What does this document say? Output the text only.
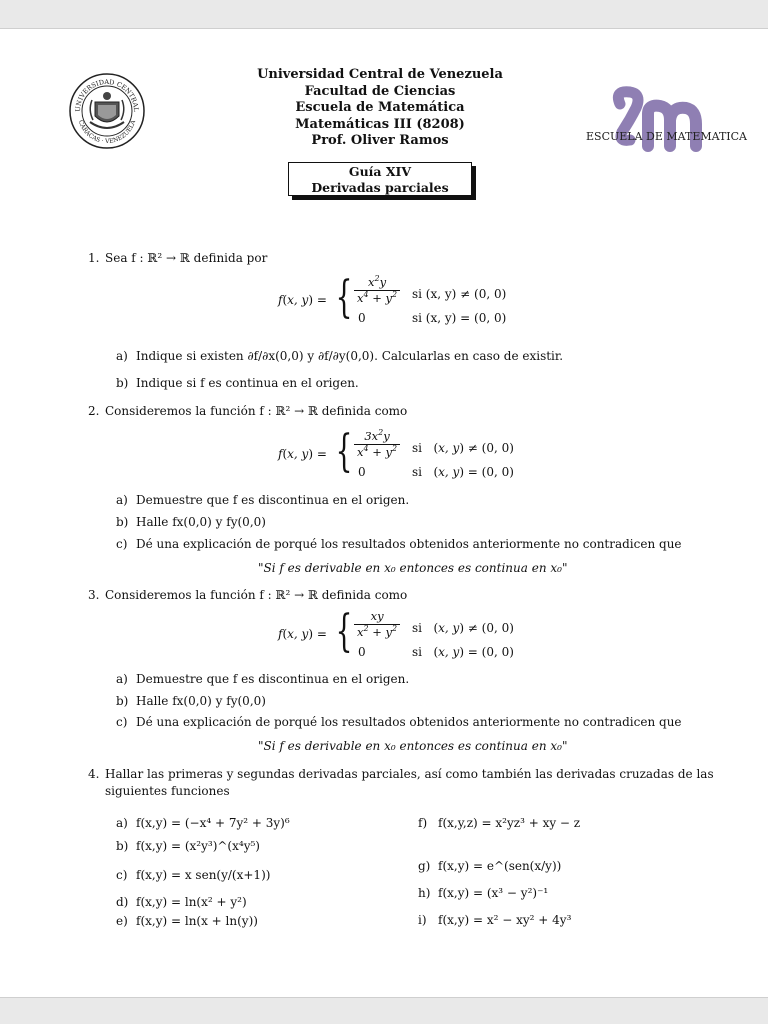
UNIVERSIDAD CENTRAL
CARACAS · VENEZUELA
Universidad Central de Venezuela
Facultad de Ciencias
Escuela de Matemática
Matemáticas III (8208)
Prof. Oliver Ramos	ESCUELA DE MATEMATICA
Guía XIV
Derivadas parciales
1. Sea f : ℝ² → ℝ definida por
f(x, y) = { $\frac{x^2y}{x^4 + y^2}$
0
si (x, y) ≠ (0, 0)
si (x, y) = (0, 0)
a) Indique si existen ∂f/∂x(0,0) y ∂f/∂y(0,0). Calcularlas en caso de existir.
b) Indique si f es continua en el origen.
2. Consideremos la función f : ℝ² → ℝ definida como
f(x, y) = { $\frac{3x^2y}{x^4 + y^2}$
0
si   (x, y) ≠ (0, 0)
si   (x, y) = (0, 0)
a) Demuestre que f es discontinua en el origen.
b) Halle fx(0,0) y fy(0,0)
c) Dé una explicación de porqué los resultados obtenidos anteriormente no contradicen que
"Si f es derivable en x₀ entonces es continua en x₀"
3. Consideremos la función f : ℝ² → ℝ definida como
f(x, y) = { $\frac{xy}{x^2 + y^2}$
0
si   (x, y) ≠ (0, 0)
si   (x, y) = (0, 0)
a) Demuestre que f es discontinua en el origen.
b) Halle fx(0,0) y fy(0,0)
c) Dé una explicación de porqué los resultados obtenidos anteriormente no contradicen que
"Si f es derivable en x₀ entonces es continua en x₀"
4. Hallar las primeras y segundas derivadas parciales, así como también las derivadas cruzadas de las
siguientes funciones
a) f(x,y) = (−x⁴ + 7y² + 3y)⁶
b) f(x,y) = (x²y³)^(x⁴y⁵)
c) f(x,y) = x sen(y/(x+1))
d) f(x,y) = ln(x² + y²)
e) f(x,y) = ln(x + ln(y))
f) f(x,y,z) = x²yz³ + xy − z
g) f(x,y) = e^(sen(x/y))
h) f(x,y) = (x³ − y²)⁻¹
i) f(x,y) = x² − xy² + 4y³
